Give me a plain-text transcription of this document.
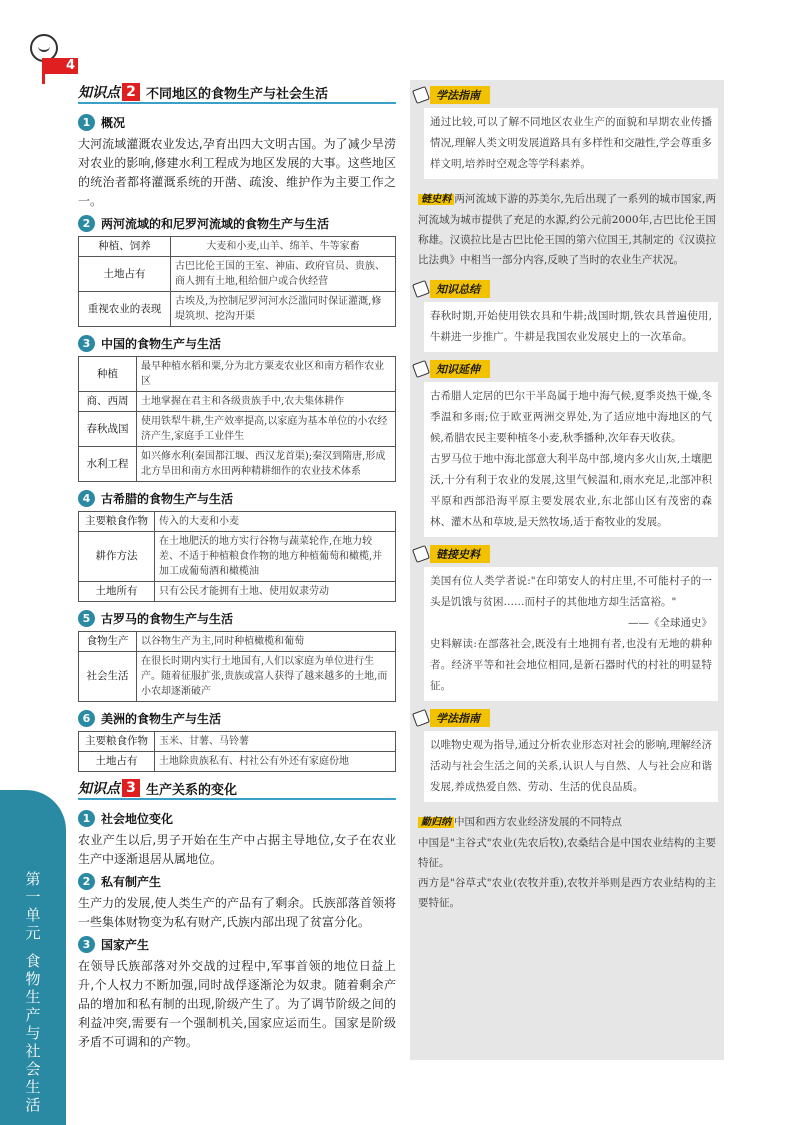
第
一
单
元
食
物
生
产
与
社
会
生
活
4
知识点 2 不同地区的食物生产与社会生活
1 概况

大河流域灌溉农业发达,孕育出四大文明古国。为了减少旱涝对农业的影响,修建水利工程成为地区发展的大事。这些地区的统治者都将灌溉系统的开凿、疏浚、维护作为主要工作之一。

2 两河流域的和尼罗河流域的食物生产与生活
种植、饲养	大麦和小麦,山羊、绵羊、牛等家畜
土地占有	古巴比伦王国的王室、神庙、政府官员、贵族、商人拥有土地,租给佃户或合伙经营
重视农业的表现	古埃及,为控制尼罗河河水泛滥同时保证灌溉,修堤筑坝、挖沟开渠
3 中国的食物生产与生活
种植	最早种植水稻和粟,分为北方粟麦农业区和南方稻作农业区
商、西周	土地掌握在君主和各级贵族手中,农夫集体耕作
春秋战国	使用铁犁牛耕,生产效率提高,以家庭为基本单位的小农经济产生,家庭手工业伴生
水利工程	如兴修水利(秦国都江堰、西汉龙首渠);秦汉到隋唐,形成北方旱田和南方水田两种精耕细作的农业技术体系
4 古希腊的食物生产与生活
主要粮食作物	传入的大麦和小麦
耕作方法	在土地肥沃的地方实行谷物与蔬菜轮作,在地力较差、不适于种植粮食作物的地方种植葡萄和橄榄,并加工成葡萄酒和橄榄油
土地所有	只有公民才能拥有土地、使用奴隶劳动
5 古罗马的食物生产与生活
食物生产	以谷物生产为主,同时种植橄榄和葡萄
社会生活	在很长时期内实行土地国有,人们以家庭为单位进行生产。随着征服扩张,贵族或富人获得了越来越多的土地,而小农却逐渐破产
6 美洲的食物生产与生活
主要粮食作物	玉米、甘薯、马铃薯
土地占有	土地除贵族私有、村社公有外还有家庭份地
知识点 3 生产关系的变化
1 社会地位变化

农业产生以后,男子开始在生产中占据主导地位,女子在农业生产中逐渐退居从属地位。

2 私有制产生

生产力的发展,使人类生产的产品有了剩余。氏族部落首领将一些集体财物变为私有财产,氏族内部出现了贫富分化。

3 国家产生

在领导氏族部落对外交战的过程中,军事首领的地位日益上升,个人权力不断加强,同时战俘逐渐沦为奴隶。随着剩余产品的增加和私有制的出现,阶级产生了。为了调节阶级之间的利益冲突,需要有一个强制机关,国家应运而生。国家是阶级矛盾不可调和的产物。

学法指南
通过比较,可以了解不同地区农业生产的面貌和早期农业传播情况,理解人类文明发展道路具有多样性和交融性,学会尊重多样文明,培养时空观念等学科素养。
链史料 两河流域下游的苏美尔,先后出现了一系列的城市国家,两河流域为城市提供了充足的水源,约公元前2000年,古巴比伦王国称雄。汉谟拉比是古巴比伦王国的第六位国王,其制定的《汉谟拉比法典》中相当一部分内容,反映了当时的农业生产状况。
知识总结
春秋时期,开始使用铁农具和牛耕;战国时期,铁农具普遍使用,牛耕进一步推广。牛耕是我国农业发展史上的一次革命。
知识延伸

古希腊人定居的巴尔干半岛属于地中海气候,夏季炎热干燥,冬季温和多雨;位于欧亚两洲交界处,为了适应地中海地区的气候,希腊农民主要种植冬小麦,秋季播种,次年春天收获。

古罗马位于地中海北部意大利半岛中部,境内多火山灰,土壤肥沃,十分有利于农业的发展,这里气候温和,雨水充足,北部冲积平原和西部沿海平原主要发展农业,东北部山区有茂密的森林、灌木丛和草坡,是天然牧场,适于畜牧业的发展。

链接史料

美国有位人类学者说:"在印第安人的村庄里,不可能村子的一头是饥饿与贫困……而村子的其他地方却生活富裕。"

——《全球通史》

史料解读:在部落社会,既没有土地拥有者,也没有无地的耕种者。经济平等和社会地位相同,是新石器时代的村社的明显特征。

学法指南
以唯物史观为指导,通过分析农业形态对社会的影响,理解经济活动与社会生活之间的关系,认识人与自然、人与社会应和谐发展,养成热爱自然、劳动、生活的优良品质。

勤归纳 中国和西方农业经济发展的不同特点

中国是"主谷式"农业(先农后牧),农桑结合是中国农业结构的主要特征。

西方是"谷草式"农业(农牧并重),农牧并举则是西方农业结构的主要特征。
